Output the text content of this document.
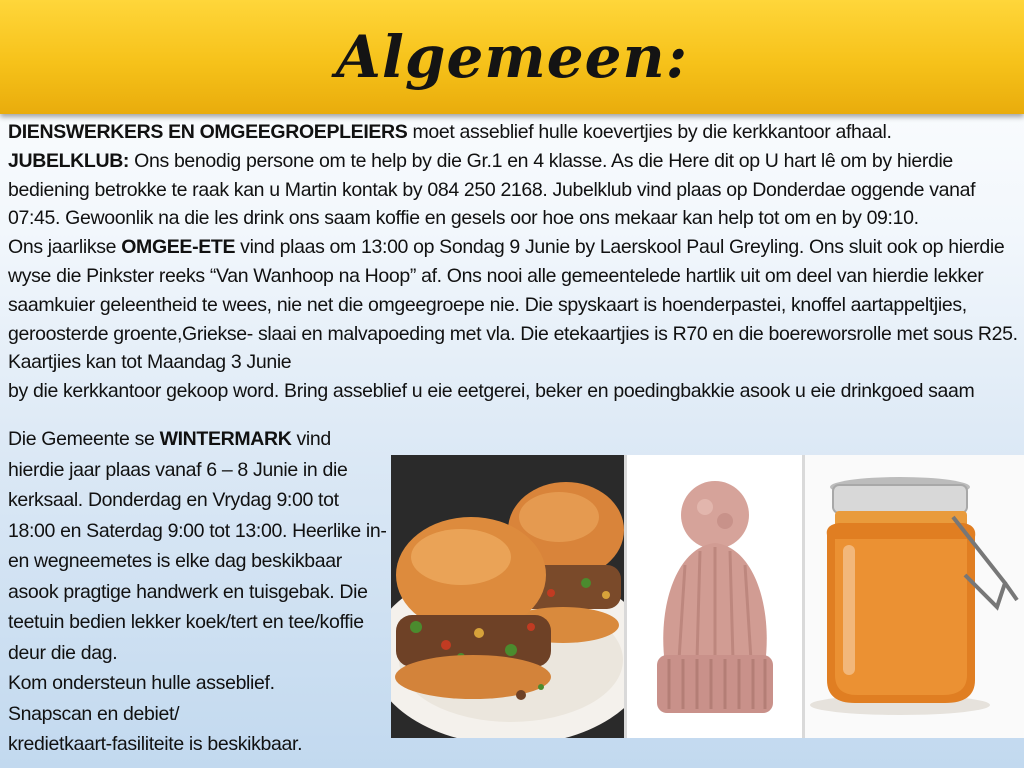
Algemeen:

DIENSWERKERS EN OMGEEGROEPLEIERS moet asseblief hulle koevertjies by die kerkkantoor afhaal.

JUBELKLUB: Ons benodig persone om te help by die Gr.1 en 4 klasse. As die Here dit op U hart lê om by hierdie bediening betrokke te raak kan u Martin kontak by 084 250 2168. Jubelklub vind plaas op Donderdae oggende vanaf 07:45. Gewoonlik na die les drink ons saam koffie en gesels oor hoe ons mekaar kan help tot om en by 09:10.

Ons jaarlikse OMGEE-ETE vind plaas om 13:00 op Sondag 9 Junie by Laerskool Paul Greyling. Ons sluit ook op hierdie wyse die Pinkster reeks “Van Wanhoop na Hoop” af. Ons nooi alle gemeentelede hartlik uit om deel van hierdie lekker saamkuier geleentheid te wees, nie net die omgeegroepe nie. Die spyskaart is hoenderpastei, knoffel aartappeltjies, geroosterde groente,Griekse- slaai en malvapoeding met vla. Die etekaartjies is R70 en die boereworsrolle met sous R25. Kaartjies kan tot Maandag 3 Junie

by die kerkkantoor gekoop word. Bring asseblief u eie eetgerei, beker en poedingbakkie asook u eie drinkgoed saam

Die Gemeente se WINTERMARK vind hierdie jaar plaas vanaf 6 – 8 Junie in die kerksaal. Donderdag en Vrydag 9:00 tot 18:00 en Saterdag 9:00 tot 13:00. Heerlike in- en wegneemetes is elke dag beskikbaar asook pragtige handwerk en tuisgebak. Die teetuin bedien lekker koek/tert en tee/koffie deur die dag.

Kom ondersteun hulle asseblief.

Snapscan en debiet/

kredietkaart-fasiliteite is beskikbaar.
